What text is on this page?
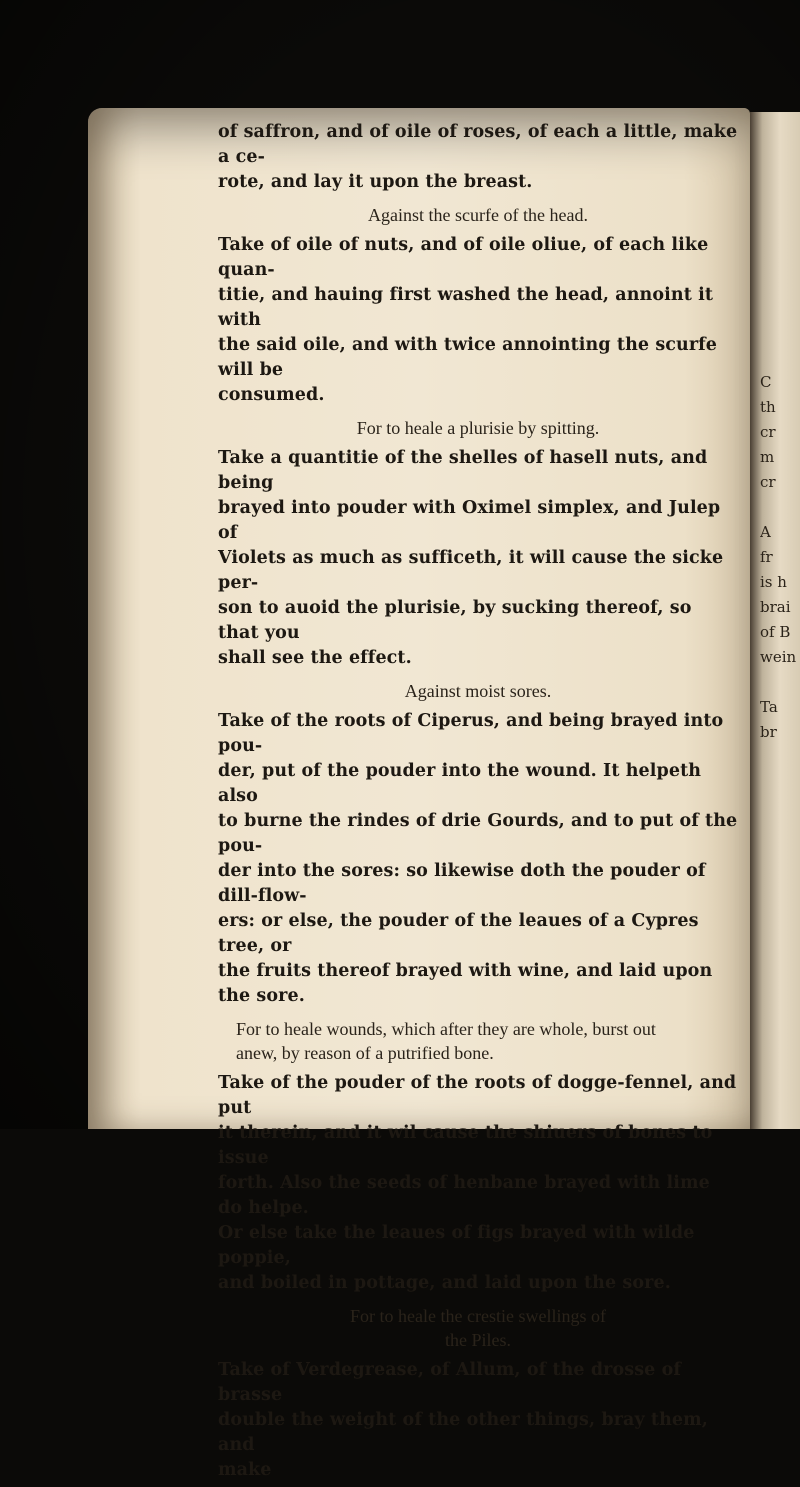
C
th
cr
m
cr

A
fr
is h
brai
of B
wein

Ta
br
of saffron, and of oile of roses, of each a little, make a ce-
rote, and lay it upon the breast.
Against the scurfe of the head.
Take of oile of nuts, and of oile oliue, of each like quan-
titie, and hauing first washed the head, annoint it with
the said oile, and with twice annointing the scurfe will be
consumed.
For to heale a plurisie by spitting.
Take a quantitie of the shelles of hasell nuts, and being
brayed into pouder with Oximel simplex, and Julep of
Violets as much as sufficeth, it will cause the sicke per-
son to auoid the plurisie, by sucking thereof, so that you
shall see the effect.
Against moist sores.
Take of the roots of Ciperus, and being brayed into pou-
der, put of the pouder into the wound. It helpeth also
to burne the rindes of drie Gourds, and to put of the pou-
der into the sores: so likewise doth the pouder of dill-flow-
ers: or else, the pouder of the leaues of a Cypres tree, or
the fruits thereof brayed with wine, and laid upon the sore.
For to heale wounds, which after they are whole, burst out
anew, by reason of a putrified bone.
Take of the pouder of the roots of dogge-fennel, and put
it therein, and it wil cause the shiuers of bones to issue
forth. Also the seeds of henbane brayed with lime do helpe.
Or else take the leaues of figs brayed with wilde poppie,
and boiled in pottage, and laid upon the sore.
For to heale the crestie swellings of
the Piles.
Take of Verdegrease, of Allum, of the drosse of brasse
double the weight of the other things, bray them, and
make
